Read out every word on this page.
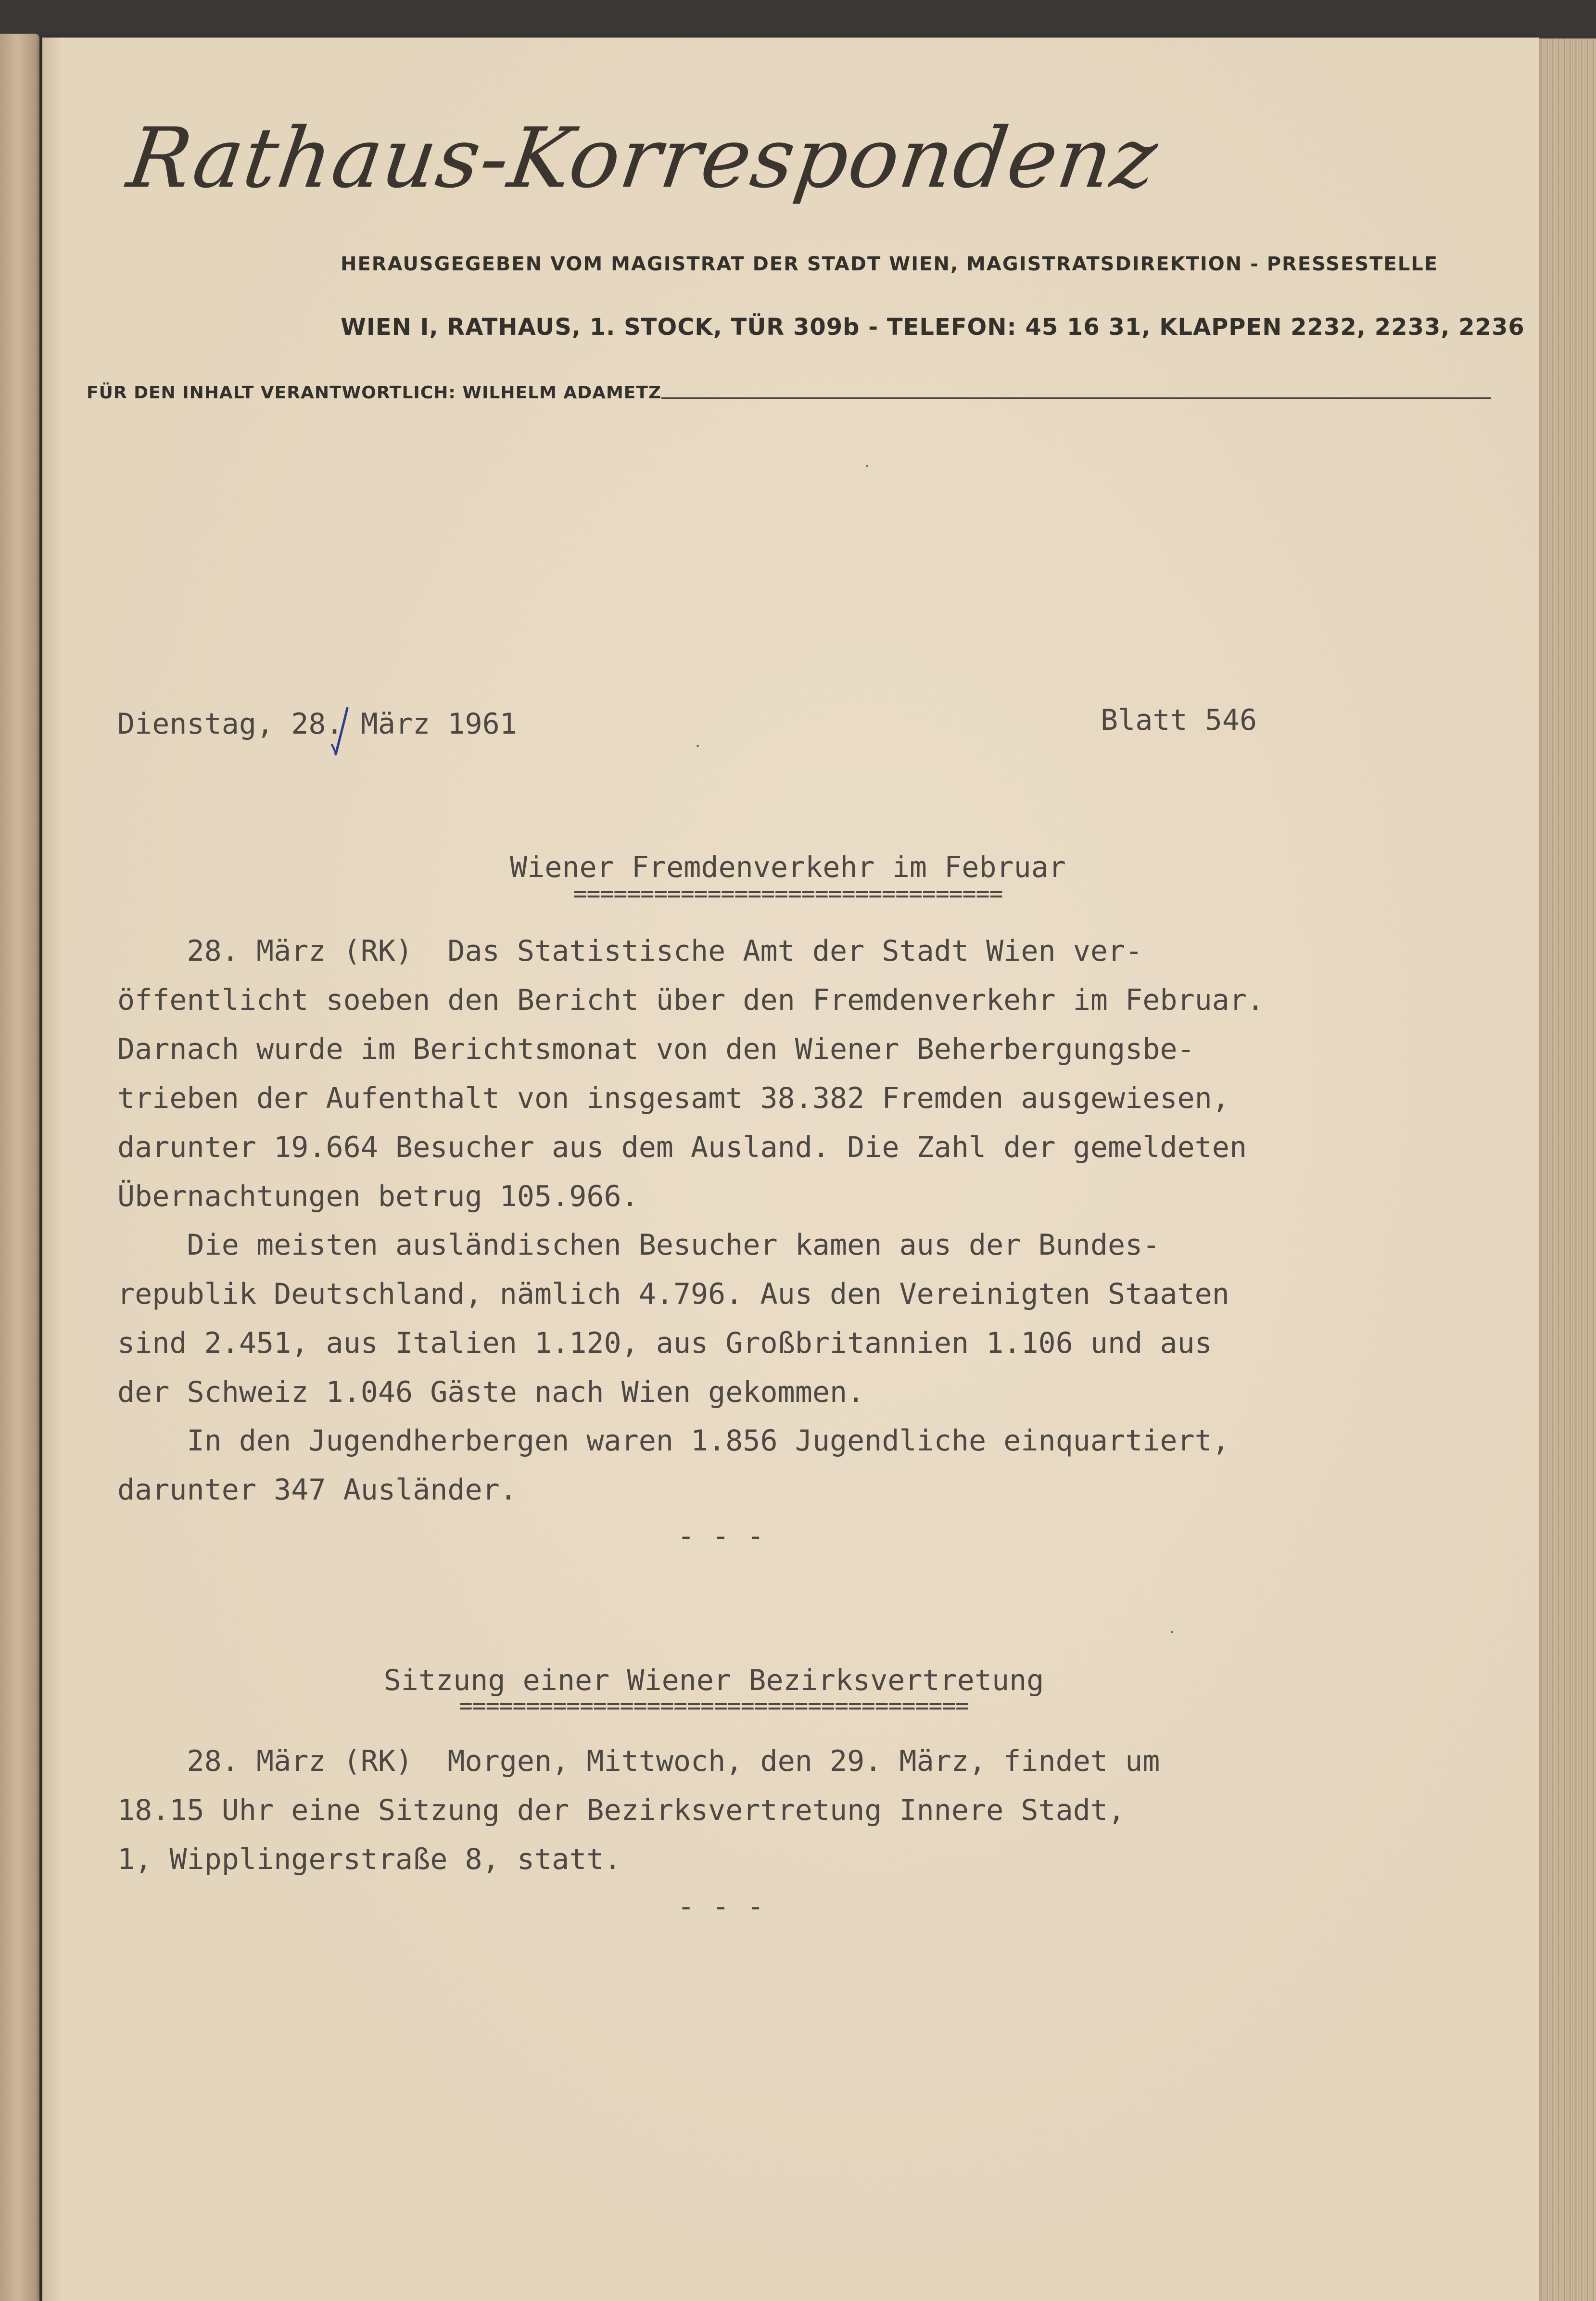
Rathaus-Korrespondenz
HERAUSGEGEBEN VOM MAGISTRAT DER STADT WIEN, MAGISTRATSDIREKTION - PRESSESTELLE
WIEN I, RATHAUS, 1. STOCK, TÜR 309b - TELEFON: 45 16 31, KLAPPEN 2232, 2233, 2236
FÜR DEN INHALT VERANTWORTLICH: WILHELM ADAMETZ
Dienstag, 28. März 1961	Blatt 546
Wiener Fremdenverkehr im Februar
================================
28. März (RK)  Das Statistische Amt der Stadt Wien ver-
öffentlicht soeben den Bericht über den Fremdenverkehr im Februar.
Darnach wurde im Berichtsmonat von den Wiener Beherbergungsbe-
trieben der Aufenthalt von insgesamt 38.382 Fremden ausgewiesen,
darunter 19.664 Besucher aus dem Ausland. Die Zahl der gemeldeten
Übernachtungen betrug 105.966.
Die meisten ausländischen Besucher kamen aus der Bundes-
republik Deutschland, nämlich 4.796. Aus den Vereinigten Staaten
sind 2.451, aus Italien 1.120, aus Großbritannien 1.106 und aus
der Schweiz 1.046 Gäste nach Wien gekommen.
In den Jugendherbergen waren 1.856 Jugendliche einquartiert,
darunter 347 Ausländer.
- - -
Sitzung einer Wiener Bezirksvertretung
======================================
28. März (RK)  Morgen, Mittwoch, den 29. März, findet um
18.15 Uhr eine Sitzung der Bezirksvertretung Innere Stadt,
1, Wipplingerstraße 8, statt.
- - -
